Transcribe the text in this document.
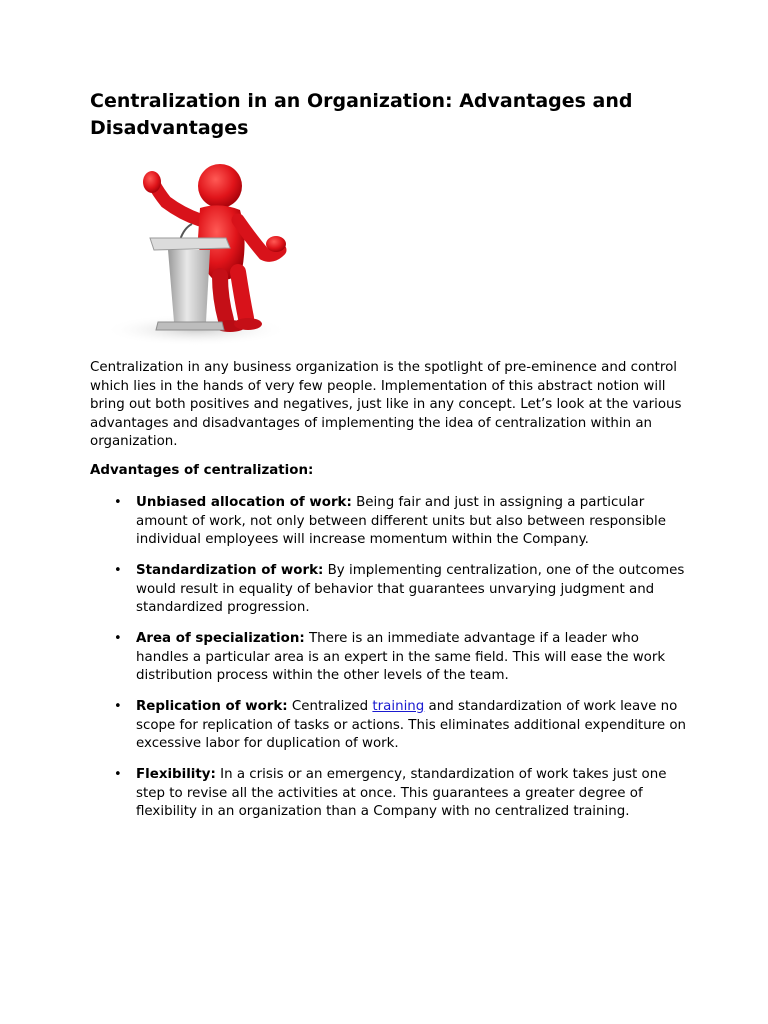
Centralization in an Organization: Advantages and Disadvantages

Centralization in any business organization is the spotlight of pre-eminence and control which lies in the hands of very few people. Implementation of this abstract notion will bring out both positives and negatives, just like in any concept. Let’s look at the various advantages and disadvantages of implementing the idea of centralization within an organization.

Advantages of centralization:

• Unbiased allocation of work: Being fair and just in assigning a particular amount of work, not only between different units but also between responsible individual employees will increase momentum within the Company.
• Standardization of work: By implementing centralization, one of the outcomes would result in equality of behavior that guarantees unvarying judgment and standardized progression.
• Area of specialization: There is an immediate advantage if a leader who handles a particular area is an expert in the same field. This will ease the work distribution process within the other levels of the team.
• Replication of work: Centralized training and standardization of work leave no scope for replication of tasks or actions. This eliminates additional expenditure on excessive labor for duplication of work.
• Flexibility: In a crisis or an emergency, standardization of work takes just one step to revise all the activities at once. This guarantees a greater degree of flexibility in an organization than a Company with no centralized training.
